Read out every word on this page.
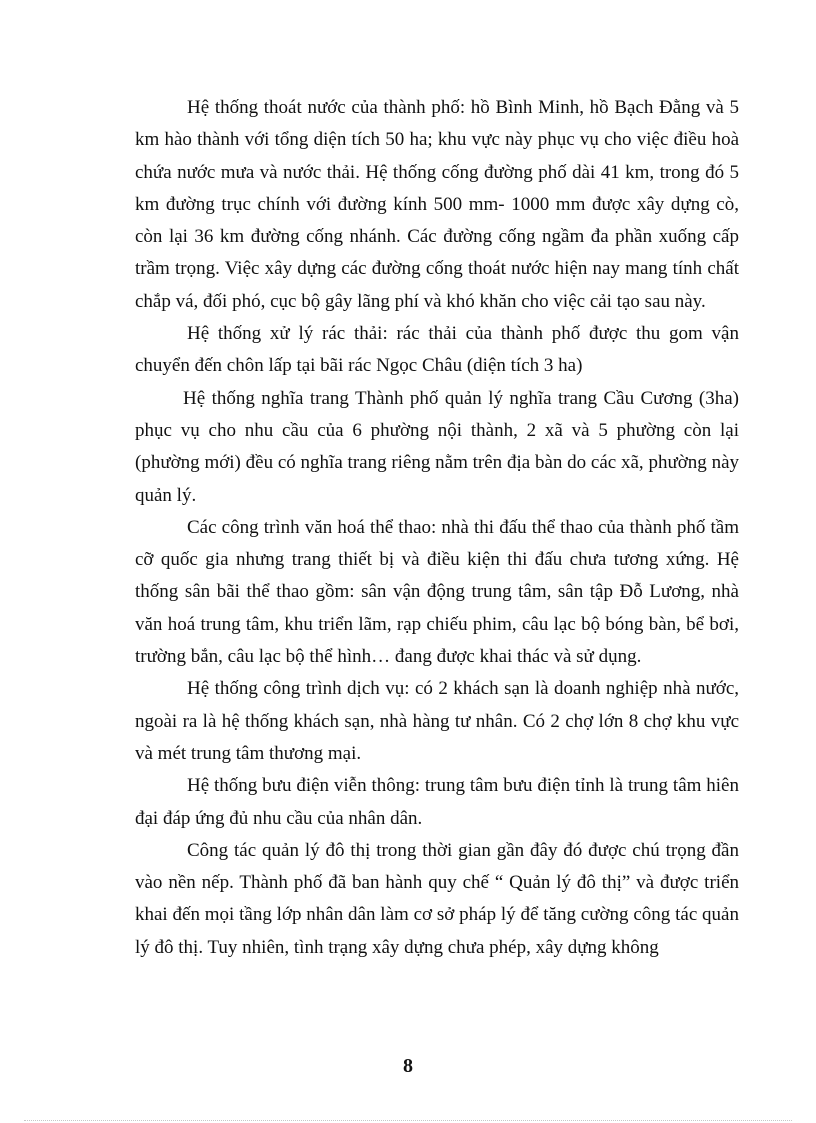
Hệ thống thoát nước của thành phố: hồ Bình Minh, hồ Bạch Đằng và 5 km hào thành với tổng diện tích 50 ha; khu vực này phục vụ cho việc điều hoà chứa nước mưa và nước thải. Hệ thống cống đường phố dài 41 km, trong đó 5 km đường trục chính với đường kính 500 mm- 1000 mm được xây dựng cò, còn lại 36 km đường cống nhánh. Các đường cống ngầm đa phần xuống cấp trầm trọng. Việc xây dựng các đường cống thoát nước hiện nay mang tính chất chắp vá, đối phó, cục bộ gây lãng phí và khó khăn cho việc cải tạo sau này.

Hệ thống xử lý rác thải: rác thải của thành phố được thu gom vận chuyển đến chôn lấp tại bãi rác Ngọc Châu (diện tích 3 ha)

Hệ thống nghĩa trang Thành phố quản lý nghĩa trang Cầu Cương (3ha) phục vụ cho nhu cầu của 6 phường nội thành, 2 xã và 5 phường còn lại (phường mới) đều có nghĩa trang riêng nằm trên địa bàn do các xã, phường này quản lý.

Các công trình văn hoá thể thao: nhà thi đấu thể thao của thành phố tầm cỡ quốc gia nhưng trang thiết bị và điều kiện thi đấu chưa tương xứng. Hệ thống sân bãi thể thao gồm: sân vận động trung tâm, sân tập Đỗ Lương, nhà văn hoá trung tâm, khu triển lãm, rạp chiếu phim, câu lạc bộ bóng bàn, bể bơi, trường bắn, câu lạc bộ thể hình… đang được khai thác và sử dụng.

Hệ thống công trình dịch vụ: có 2 khách sạn là doanh nghiệp nhà nước, ngoài ra là hệ thống khách sạn, nhà hàng tư nhân. Có 2 chợ lớn 8 chợ khu vực và mét trung tâm thương mại.

Hệ thống bưu điện viễn thông: trung tâm bưu điện tỉnh là trung tâm hiên đại đáp ứng đủ nhu cầu của nhân dân.

Công tác quản lý đô thị trong thời gian gần đây đó được chú trọng đần vào nền nếp. Thành phố đã ban hành quy chế “ Quản lý đô thị” và được triển khai đến mọi tầng lớp nhân dân làm cơ sở pháp lý để tăng cường công tác quản lý đô thị. Tuy nhiên, tình trạng xây dựng chưa phép, xây dựng không

8
